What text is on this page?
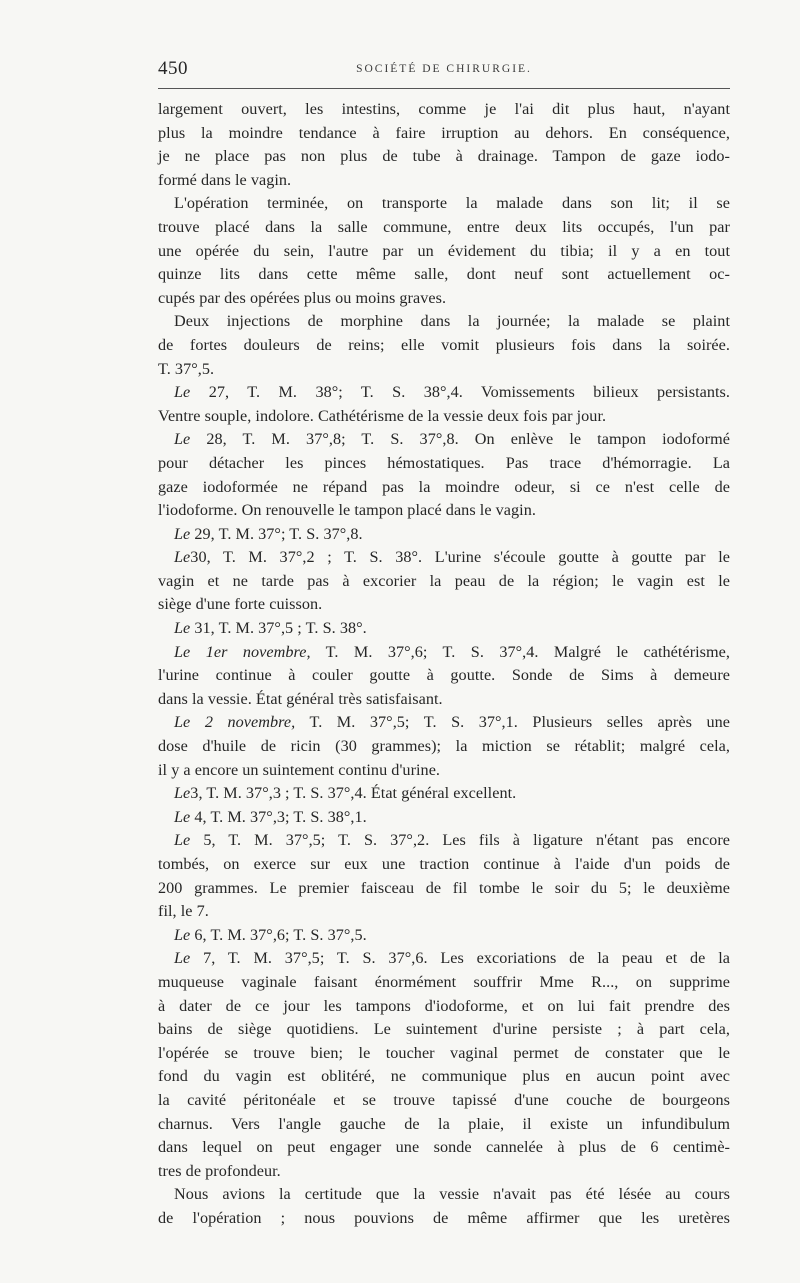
450	SOCIÉTÉ DE CHIRURGIE.
largement ouvert, les intestins, comme je l'ai dit plus haut, n'ayant
plus la moindre tendance à faire irruption au dehors. En conséquence,
je ne place pas non plus de tube à drainage. Tampon de gaze iodo-
formé dans le vagin.
L'opération terminée, on transporte la malade dans son lit; il se
trouve placé dans la salle commune, entre deux lits occupés, l'un par
une opérée du sein, l'autre par un évidement du tibia; il y a en tout
quinze lits dans cette même salle, dont neuf sont actuellement oc-
cupés par des opérées plus ou moins graves.
Deux injections de morphine dans la journée; la malade se plaint
de fortes douleurs de reins; elle vomit plusieurs fois dans la soirée.
T. 37°,5.
Le 27, T. M. 38°; T. S. 38°,4. Vomissements bilieux persistants.
Ventre souple, indolore. Cathétérisme de la vessie deux fois par jour.
Le 28, T. M. 37°,8; T. S. 37°,8. On enlève le tampon iodoformé
pour détacher les pinces hémostatiques. Pas trace d'hémorragie. La
gaze iodoformée ne répand pas la moindre odeur, si ce n'est celle de
l'iodoforme. On renouvelle le tampon placé dans le vagin.
Le 29, T. M. 37°; T. S. 37°,8.
Le30, T. M. 37°,2 ; T. S. 38°. L'urine s'écoule goutte à goutte par le
vagin et ne tarde pas à excorier la peau de la région; le vagin est le
siège d'une forte cuisson.
Le 31, T. M. 37°,5 ; T. S. 38°.
Le 1er novembre, T. M. 37°,6; T. S. 37°,4. Malgré le cathétérisme,
l'urine continue à couler goutte à goutte. Sonde de Sims à demeure
dans la vessie. État général très satisfaisant.
Le 2 novembre, T. M. 37°,5; T. S. 37°,1. Plusieurs selles après une
dose d'huile de ricin (30 grammes); la miction se rétablit; malgré cela,
il y a encore un suintement continu d'urine.
Le3, T. M. 37°,3 ; T. S. 37°,4. État général excellent.
Le 4, T. M. 37°,3; T. S. 38°,1.
Le 5, T. M. 37°,5; T. S. 37°,2. Les fils à ligature n'étant pas encore
tombés, on exerce sur eux une traction continue à l'aide d'un poids de
200 grammes. Le premier faisceau de fil tombe le soir du 5; le deuxième
fil, le 7.
Le 6, T. M. 37°,6; T. S. 37°,5.
Le 7, T. M. 37°,5; T. S. 37°,6. Les excoriations de la peau et de la
muqueuse vaginale faisant énormément souffrir Mme R..., on supprime
à dater de ce jour les tampons d'iodoforme, et on lui fait prendre des
bains de siège quotidiens. Le suintement d'urine persiste ; à part cela,
l'opérée se trouve bien; le toucher vaginal permet de constater que le
fond du vagin est oblitéré, ne communique plus en aucun point avec
la cavité péritonéale et se trouve tapissé d'une couche de bourgeons
charnus. Vers l'angle gauche de la plaie, il existe un infundibulum
dans lequel on peut engager une sonde cannelée à plus de 6 centimè-
tres de profondeur.
Nous avions la certitude que la vessie n'avait pas été lésée au cours
de l'opération ; nous pouvions de même affirmer que les uretères
